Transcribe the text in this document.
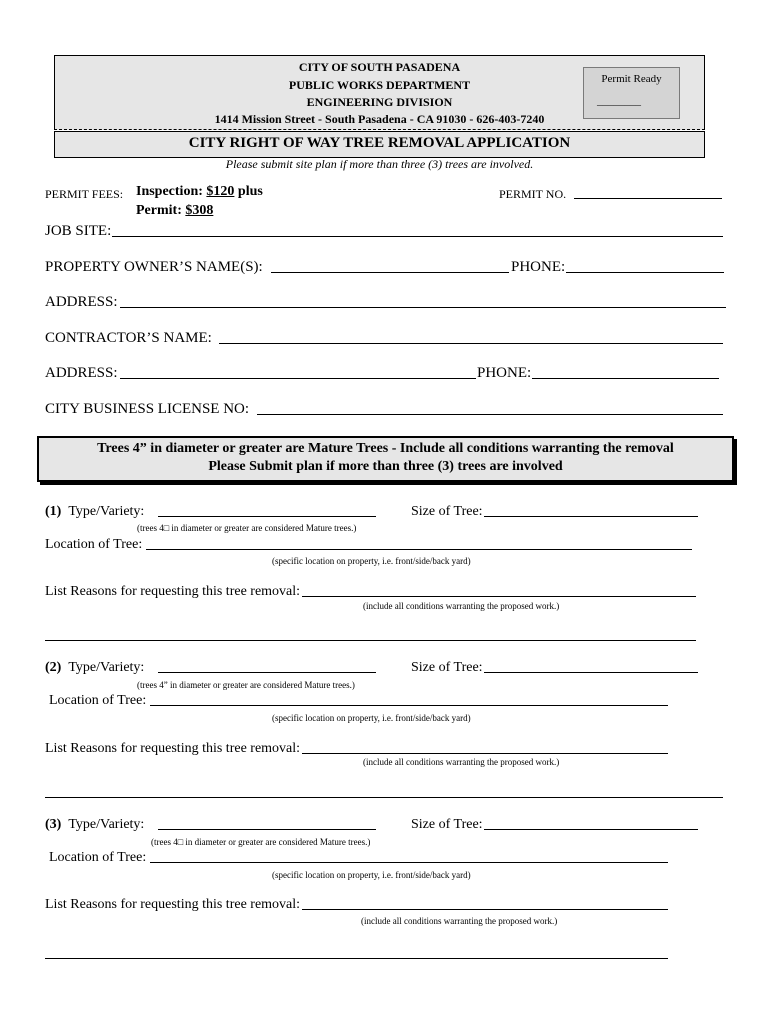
CITY OF SOUTH PASADENA
PUBLIC WORKS DEPARTMENT
ENGINEERING DIVISION
1414 Mission Street - South Pasadena - CA 91030 - 626-403-7240
Permit Ready
________
CITY RIGHT OF WAY TREE REMOVAL APPLICATION
Please submit site plan if more than three (3) trees are involved.
PERMIT FEES: Inspection: $120 plus
Permit: $308
PERMIT NO.
JOB SITE:
PROPERTY OWNER’S NAME(S):	PHONE:
ADDRESS:
CONTRACTOR’S NAME:
ADDRESS:	PHONE:
CITY BUSINESS LICENSE NO:
Trees 4” in diameter or greater are Mature Trees - Include all conditions warranting the removal
Please Submit plan if more than three (3) trees are involved
(1) Type/Variety:	Size of Tree:
(trees 4□ in diameter or greater are considered Mature trees.)
Location of Tree:
(specific location on property, i.e. front/side/back yard)
List Reasons for requesting this tree removal:
(include all conditions warranting the proposed work.)
(2) Type/Variety:	Size of Tree:
(trees 4” in diameter or greater are considered Mature trees.)
Location of Tree:
(specific location on property, i.e. front/side/back yard)
List Reasons for requesting this tree removal:
(include all conditions warranting the proposed work.)
(3) Type/Variety:	Size of Tree:
(trees 4□ in diameter or greater are considered Mature trees.)
Location of Tree:
(specific location on property, i.e. front/side/back yard)
List Reasons for requesting this tree removal:
(include all conditions warranting the proposed work.)
